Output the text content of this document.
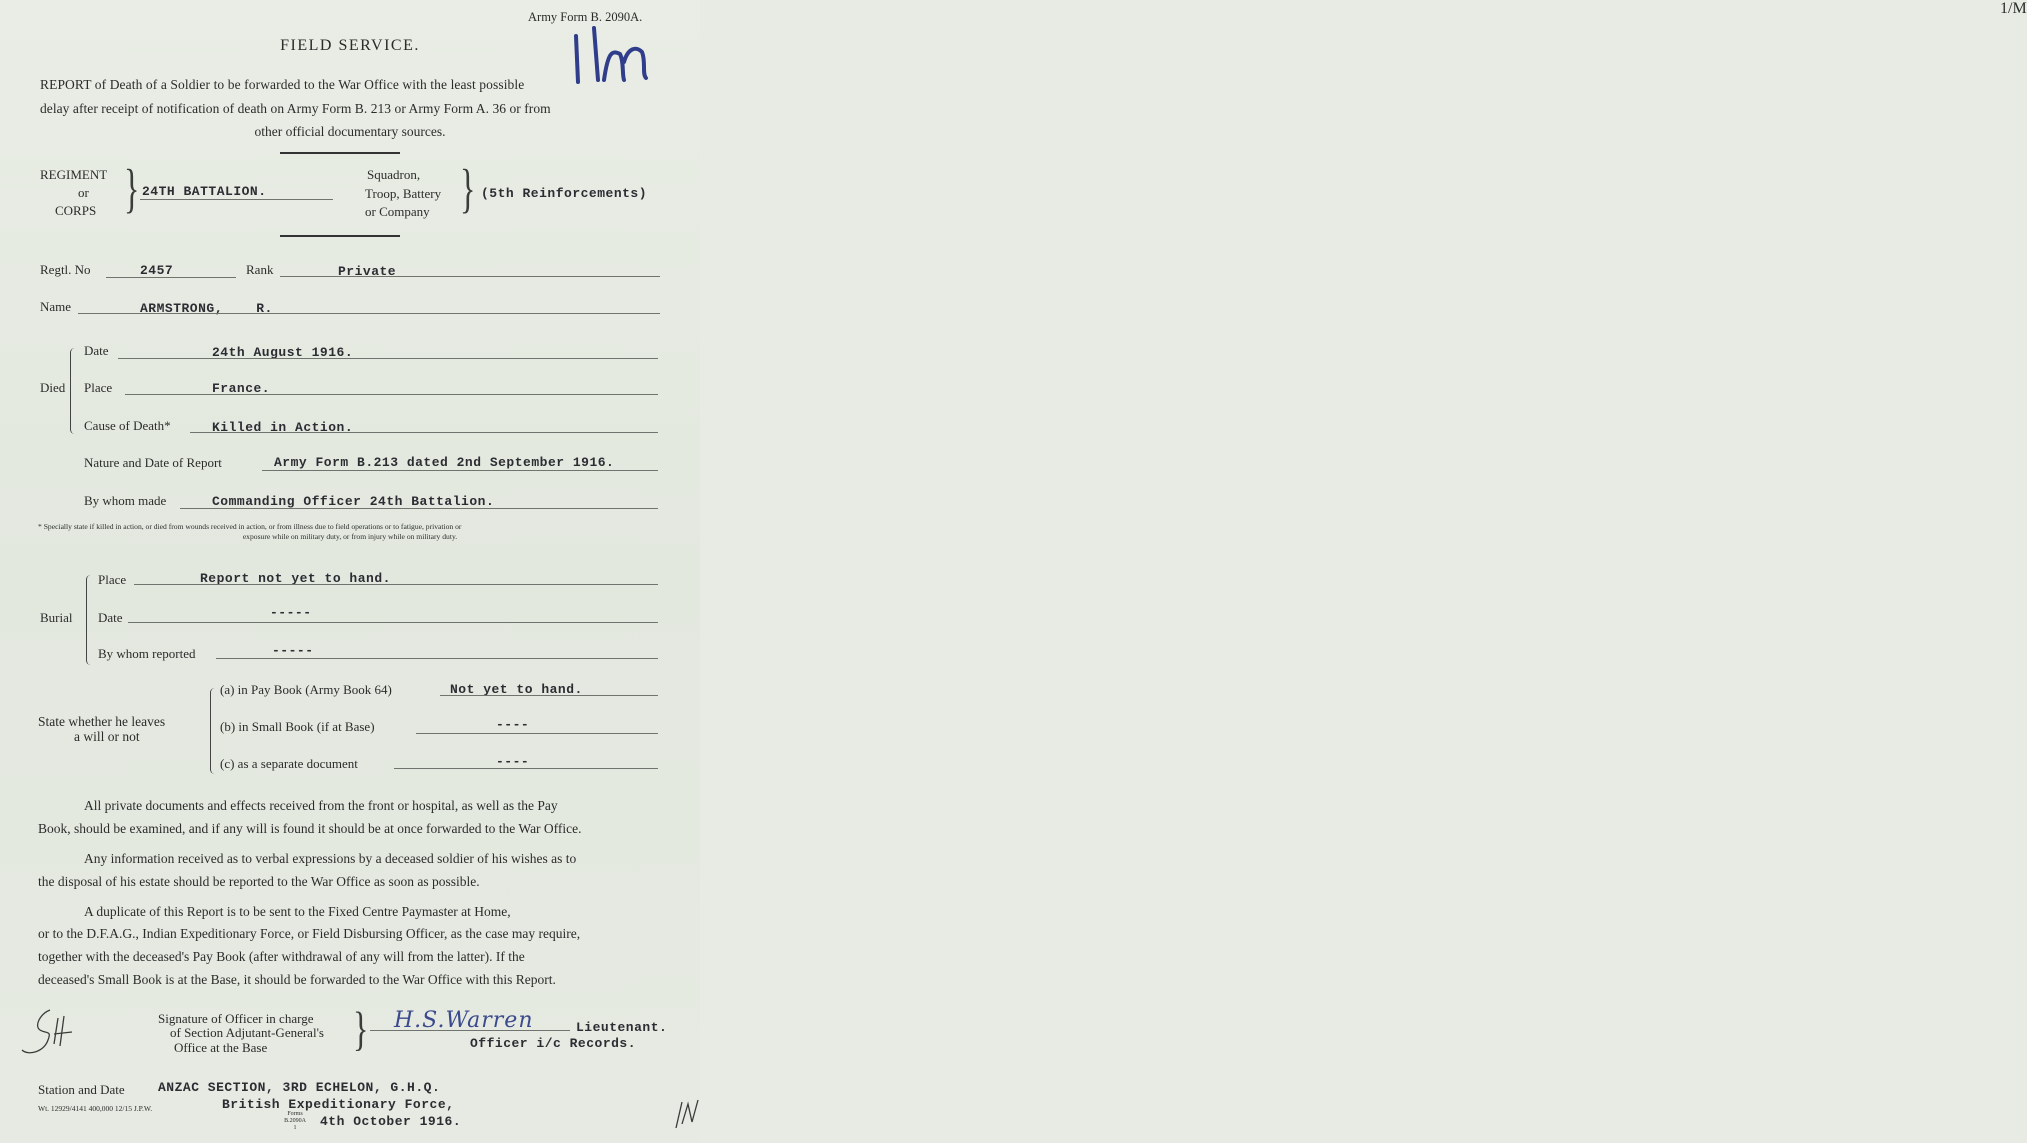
Army Form B. 2090A.	1/M
FIELD SERVICE.
REPORT of Death of a Soldier to be forwarded to the War Office with the least possible
delay after receipt of notification of death on Army Form B. 213 or Army Form A. 36 or from
other official documentary sources.
REGIMENT
or
CORPS } 24TH BATTALION.
Squadron,
Troop, Battery
or Company } (5th Reinforcements)
Regtl. No	2457	Rank	Private
Name	ARMSTRONG,    R.
Died
Date	24th August 1916.
Place	France.
Cause of Death*	Killed in Action.
Nature and Date of Report	Army Form B.213 dated 2nd September 1916.
By whom made	Commanding Officer 24th Battalion.
* Specially state if killed in action, or died from wounds received in action, or from illness due to field operations or to fatigue, privation or
exposure while on military duty, or from injury while on military duty.
Burial
Place	Report not yet to hand.
Date	-----
By whom reported	-----
State whether he leaves
a will or not
(a) in Pay Book (Army Book 64)	Not yet to hand.
(b) in Small Book (if at Base)	----
(c) as a separate document	----
All private documents and effects received from the front or hospital, as well as the Pay
Book, should be examined, and if any will is found it should be at once forwarded to the War Office.
Any information received as to verbal expressions by a deceased soldier of his wishes as to
the disposal of his estate should be reported to the War Office as soon as possible.
A duplicate of this Report is to be sent to the Fixed Centre Paymaster at Home,
or to the D.F.A.G., Indian Expeditionary Force, or Field Disbursing Officer, as the case may require,
together with the deceased's Pay Book (after withdrawal of any will from the latter). If the
deceased's Small Book is at the Base, it should be forwarded to the War Office with this Report.
Signature of Officer in charge
of Section Adjutant-General's
Office at the Base	} H.S.Warren	Lieutenant.
Officer i/c Records.
Station and Date	ANZAC SECTION, 3RD ECHELON, G.H.Q.
British Expeditionary Force,
4th October 1916.
Wt. 12929/4141 400,000 12/15 J.P.W.
Forms B.2090A 1
